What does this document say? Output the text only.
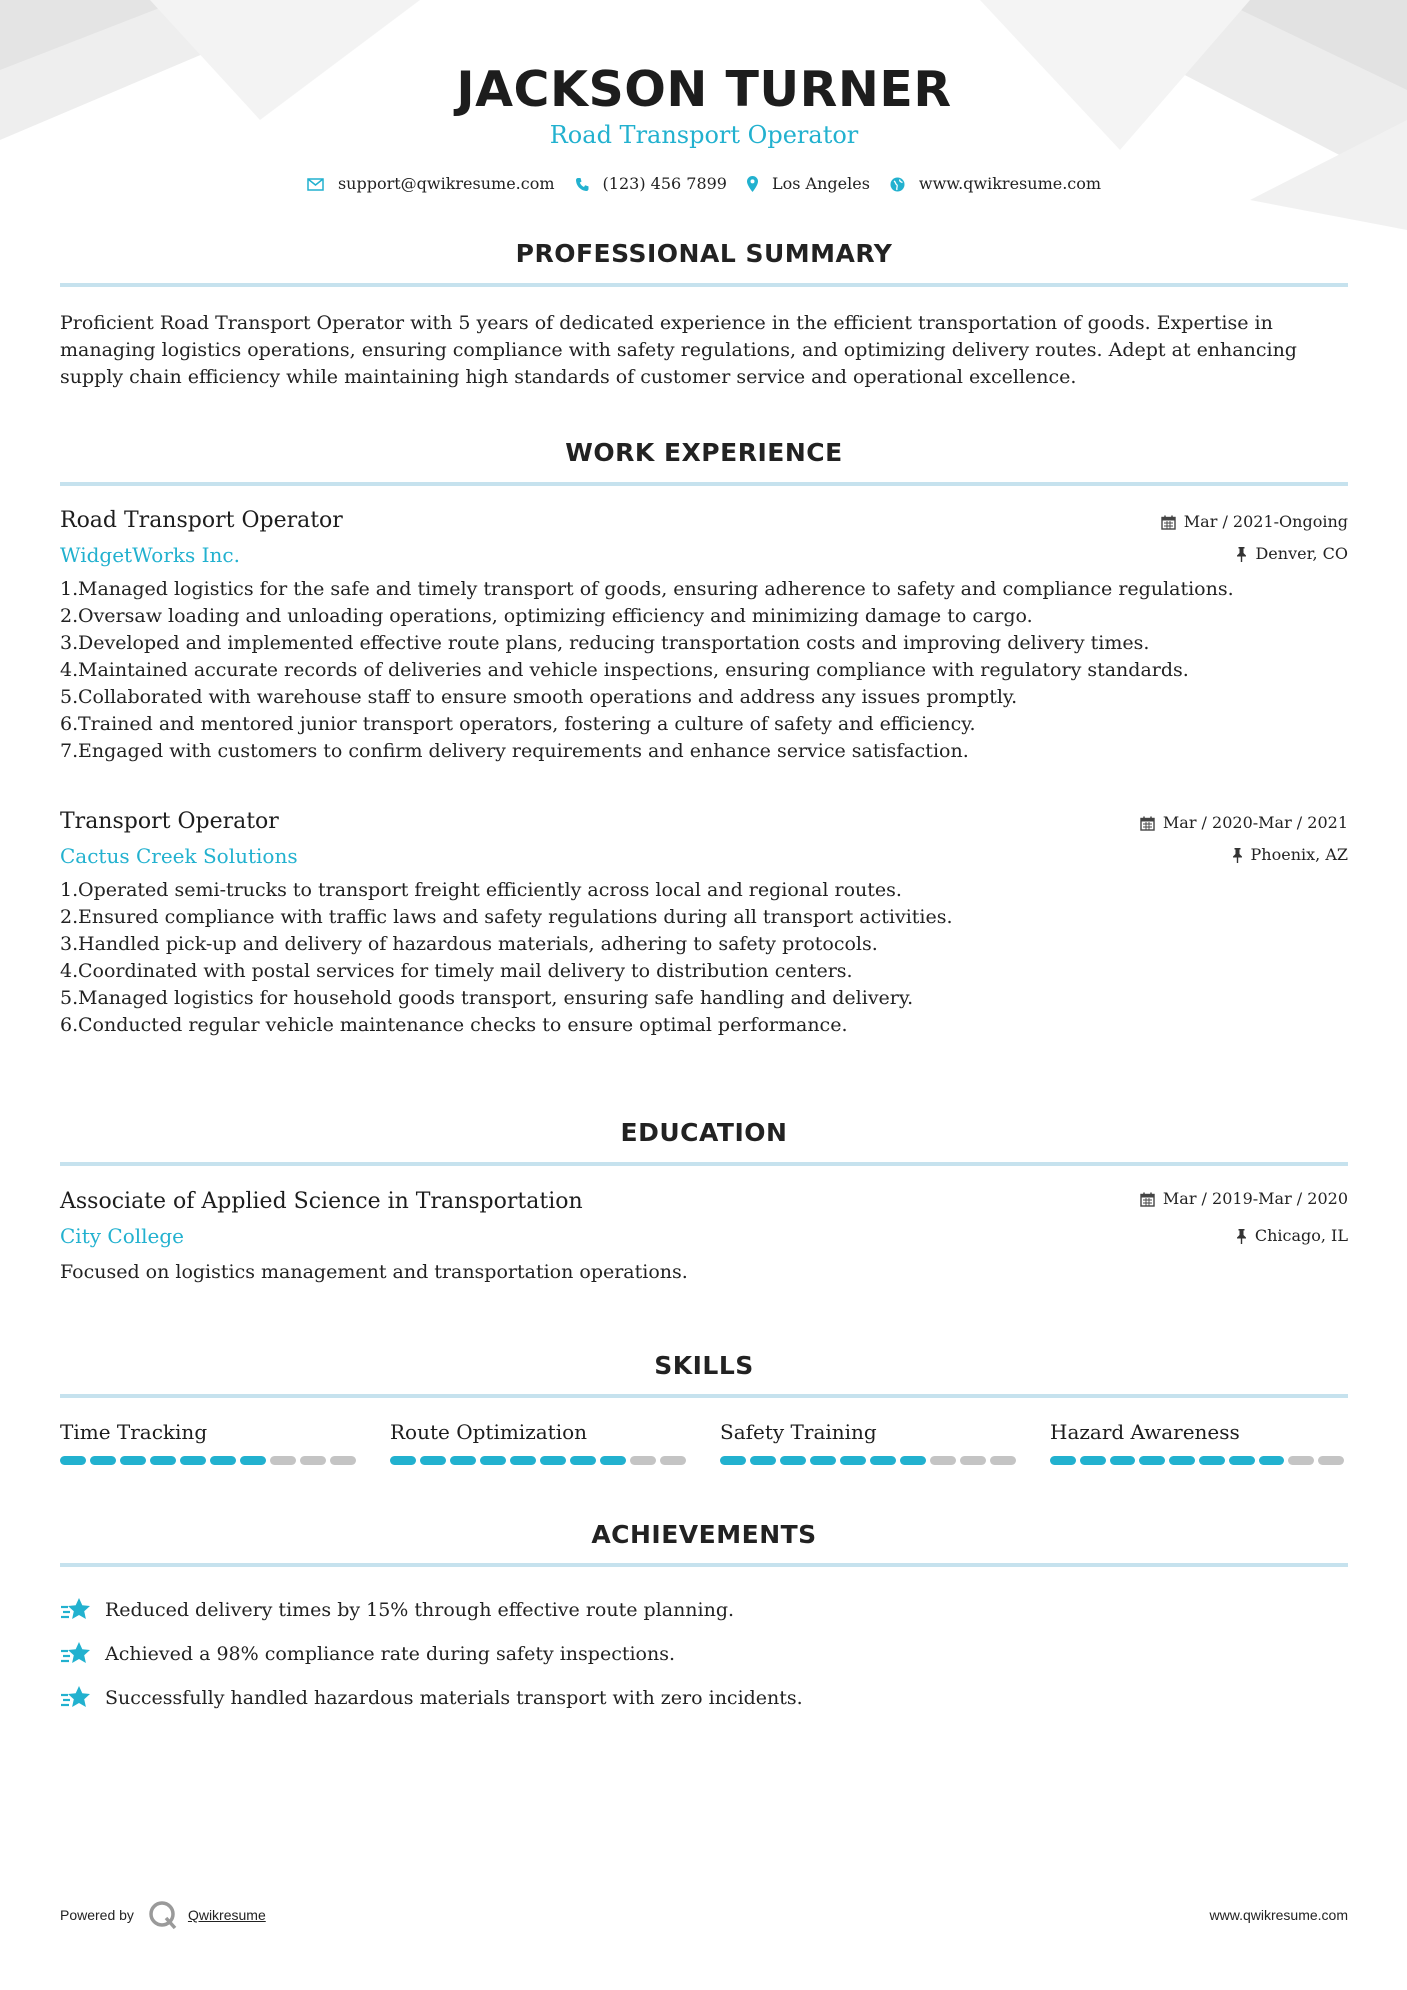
JACKSON TURNER
Road Transport Operator
support@qwikresume.com	(123) 456 7899	Los Angeles	www.qwikresume.com
PROFESSIONAL SUMMARY
Proficient Road Transport Operator with 5 years of dedicated experience in the efficient transportation of goods. Expertise in managing logistics operations, ensuring compliance with safety regulations, and optimizing delivery routes. Adept at enhancing supply chain efficiency while maintaining high standards of customer service and operational excellence.
WORK EXPERIENCE
Road Transport Operator
WidgetWorks Inc.
Mar / 2021-Ongoing
Denver, CO
1.Managed logistics for the safe and timely transport of goods, ensuring adherence to safety and compliance regulations.
2.Oversaw loading and unloading operations, optimizing efficiency and minimizing damage to cargo.
3.Developed and implemented effective route plans, reducing transportation costs and improving delivery times.
4.Maintained accurate records of deliveries and vehicle inspections, ensuring compliance with regulatory standards.
5.Collaborated with warehouse staff to ensure smooth operations and address any issues promptly.
6.Trained and mentored junior transport operators, fostering a culture of safety and efficiency.
7.Engaged with customers to confirm delivery requirements and enhance service satisfaction.
Transport Operator
Cactus Creek Solutions
Mar / 2020-Mar / 2021
Phoenix, AZ
1.Operated semi-trucks to transport freight efficiently across local and regional routes.
2.Ensured compliance with traffic laws and safety regulations during all transport activities.
3.Handled pick-up and delivery of hazardous materials, adhering to safety protocols.
4.Coordinated with postal services for timely mail delivery to distribution centers.
5.Managed logistics for household goods transport, ensuring safe handling and delivery.
6.Conducted regular vehicle maintenance checks to ensure optimal performance.
EDUCATION
Associate of Applied Science in Transportation
City College
Mar / 2019-Mar / 2020
Chicago, IL
Focused on logistics management and transportation operations.
SKILLS
Time Tracking	Route Optimization	Safety Training	Hazard Awareness
ACHIEVEMENTS
Reduced delivery times by 15% through effective route planning.
Achieved a 98% compliance rate during safety inspections.
Successfully handled hazardous materials transport with zero incidents.
Powered by	Qwikresume	www.qwikresume.com
